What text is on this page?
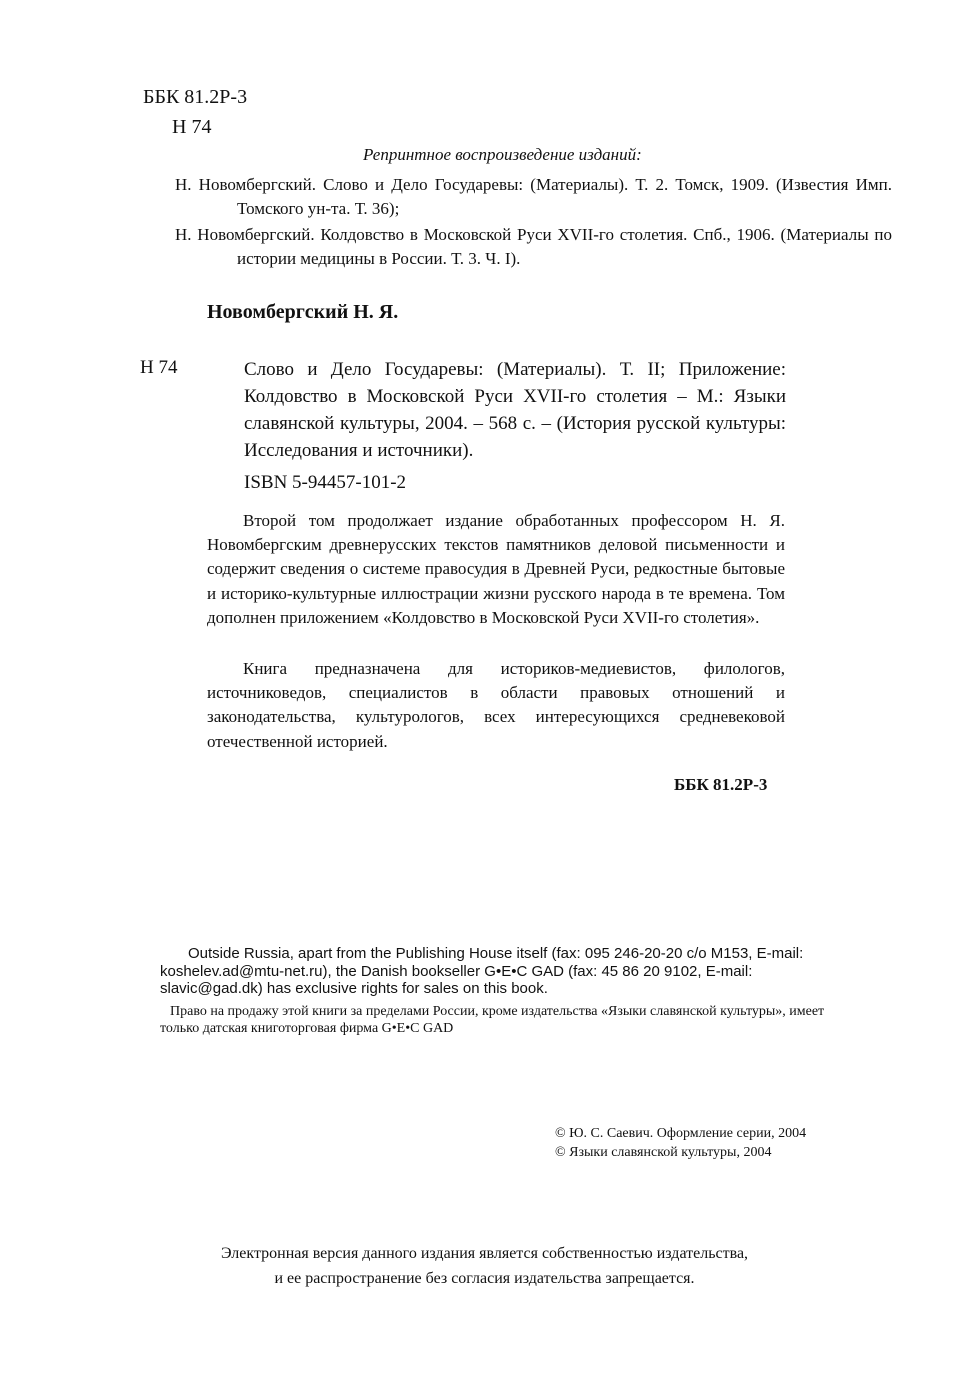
ББК 81.2Р-3
Н 74
Репринтное воспроизведение изданий:
Н. Новомбергский. Слово и Дело Государевы: (Материалы). Т. 2. Томск, 1909. (Известия Имп. Томского ун-та. Т. 36);
Н. Новомбергский. Колдовство в Московской Руси XVII-го столетия. Спб., 1906. (Материалы по истории медицины в России. Т. 3. Ч. I).
Новомбергский Н. Я.
Н 74	Слово и Дело Государевы: (Материалы). Т. II; Приложение: Колдовство в Московской Руси XVII-го столетия – М.: Языки славянской культуры, 2004. – 568 с. – (История русской культуры: Исследования и источники).
ISBN 5-94457-101-2
Второй том продолжает издание обработанных профессором Н. Я. Новомбергским древнерусских текстов памятников деловой письменности и содержит сведения о системе правосудия в Древней Руси, редкостные бытовые и историко-культурные иллюстрации жизни русского народа в те времена. Том дополнен приложением «Колдовство в Московской Руси XVII-го столетия».
Книга предназначена для историков-медиевистов, филологов, источниковедов, специалистов в области правовых отношений и законодательства, культурологов, всех интересующихся средневековой отечественной историей.
ББК 81.2Р-3
Outside Russia, apart from the Publishing House itself (fax: 095 246-20-20 c/o M153, E-mail: koshelev.ad@mtu-net.ru), the Danish bookseller G•E•C GAD (fax: 45 86 20 9102, E-mail: slavic@gad.dk) has exclusive rights for sales on this book.
Право на продажу этой книги за пределами России, кроме издательства «Языки славянской культуры», имеет только датская книготорговая фирма G•E•C GAD
© Ю. С. Саевич. Оформление серии, 2004
© Языки славянской культуры, 2004
Электронная версия данного издания является собственностью издательства,
и ее распространение без согласия издательства запрещается.
